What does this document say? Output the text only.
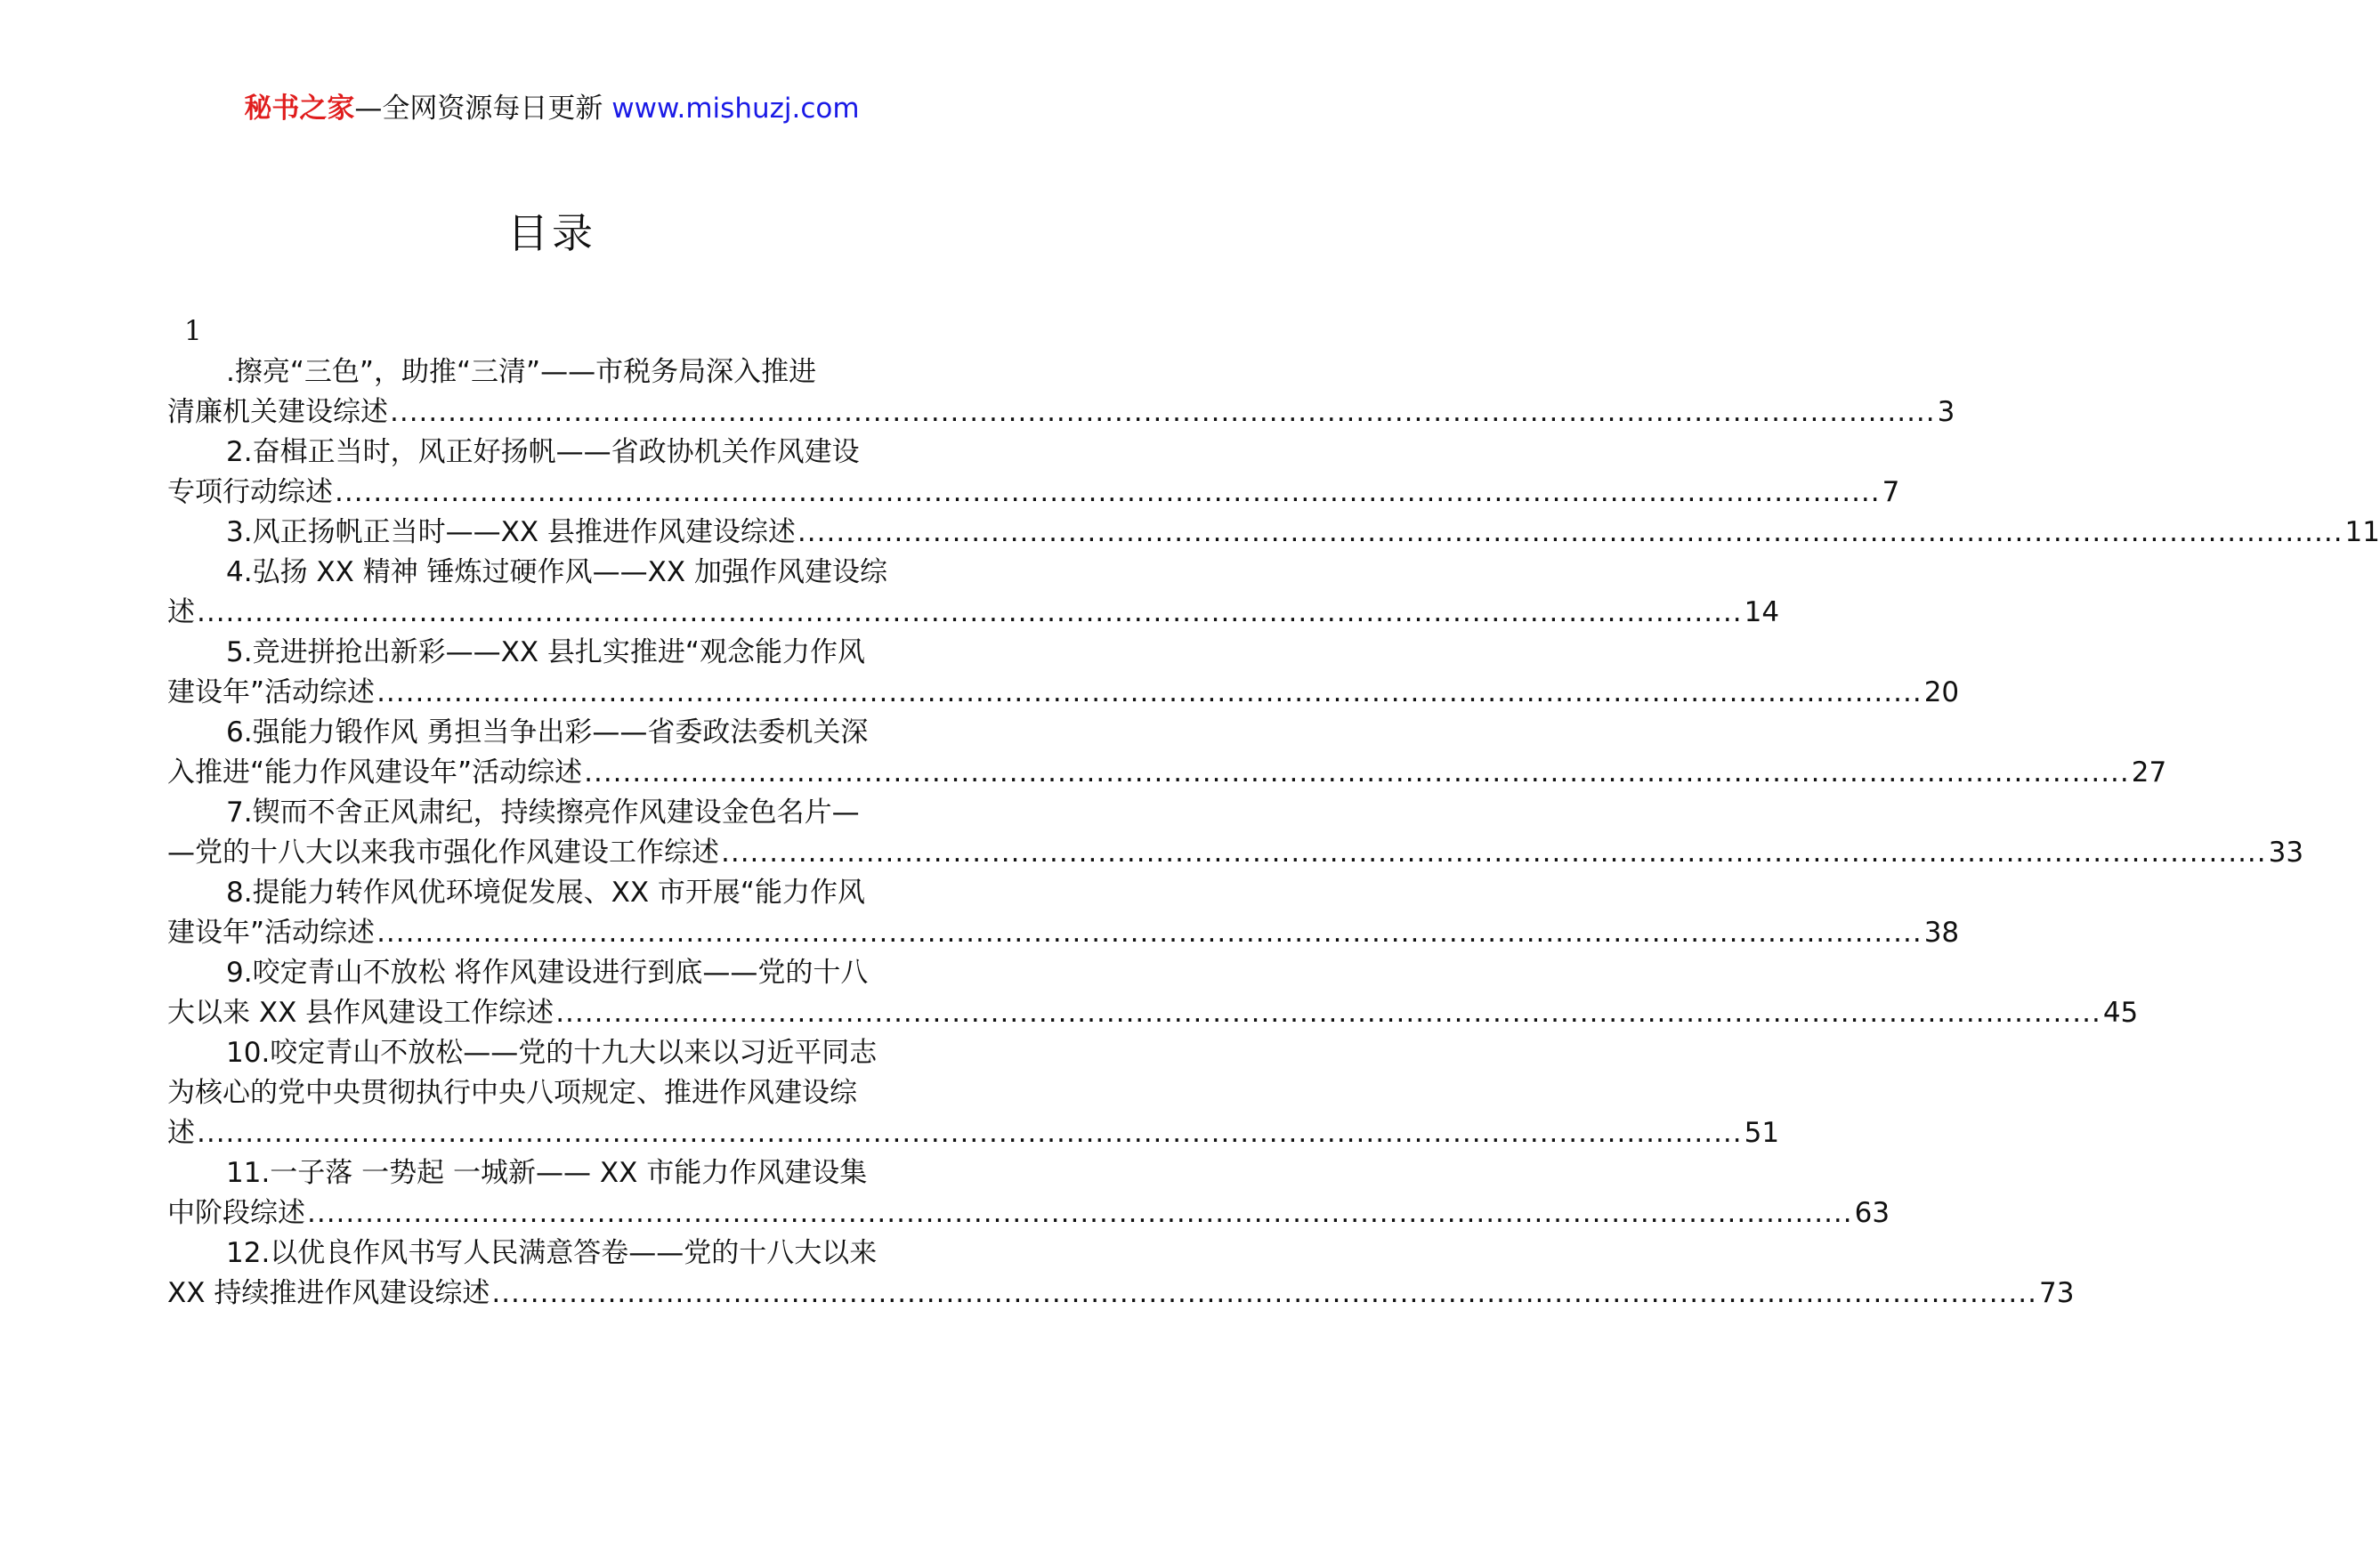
秘书之家—全网资源每日更新 www.mishuzj.com
目录
1
.擦亮“三色”，助推“三清”——市税务局深入推进
清廉机关建设综述 ................................................................................................................................................................ 3
2.奋楫正当时，风正好扬帆——省政协机关作风建设
专项行动综述 ................................................................................................................................................................ 7
3.风正扬帆正当时——XX 县推进作风建设综述 ................................................................................................................................................................ 11
4.弘扬 XX 精神 锤炼过硬作风——XX 加强作风建设综
述 ................................................................................................................................................................ 14
5.竞进拼抢出新彩——XX 县扎实推进“观念能力作风
建设年”活动综述 ................................................................................................................................................................ 20
6.强能力锻作风 勇担当争出彩——省委政法委机关深
入推进“能力作风建设年”活动综述 ................................................................................................................................................................ 27
7.锲而不舍正风肃纪，持续擦亮作风建设金色名片—
—党的十八大以来我市强化作风建设工作综述 ................................................................................................................................................................ 33
8.提能力转作风优环境促发展、XX 市开展“能力作风
建设年”活动综述 ................................................................................................................................................................ 38
9.咬定青山不放松 将作风建设进行到底——党的十八
大以来 XX 县作风建设工作综述 ................................................................................................................................................................ 45
10.咬定青山不放松——党的十九大以来以习近平同志
为核心的党中央贯彻执行中央八项规定、推进作风建设综
述 ................................................................................................................................................................ 51
11.一子落 一势起 一城新—— XX 市能力作风建设集
中阶段综述 ................................................................................................................................................................ 63
12.以优良作风书写人民满意答卷——党的十八大以来
XX 持续推进作风建设综述 ................................................................................................................................................................ 73
